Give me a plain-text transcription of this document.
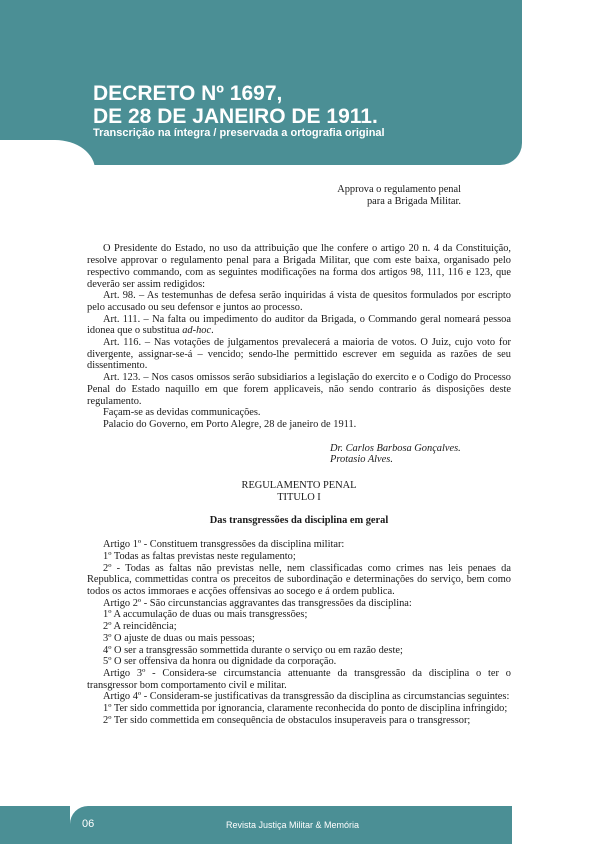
DECRETO Nº 1697,
DE 28 DE JANEIRO DE 1911.

Transcrição na íntegra / preservada a ortografia original

Approva o regulamento penal
para a Brigada Militar.

O Presidente do Estado, no uso da attribuição que lhe confere o artigo 20 n. 4 da Constituição, resolve approvar o regulamento penal para a Brigada Militar, que com este baixa, organisado pelo respectivo commando, com as seguintes modificações na forma dos artigos 98, 111, 116 e 123, que deverão ser assim redigidos:

Art. 98. – As testemunhas de defesa serão inquiridas á vista de quesitos formulados por escripto pelo accusado ou seu defensor e juntos ao processo.

Art. 111. – Na falta ou impedimento do auditor da Brigada, o Commando geral nomeará pessoa idonea que o substitua ad-hoc.

Art. 116. – Nas votações de julgamentos prevalecerá a maioria de votos. O Juiz, cujo voto for divergente, assignar-se-á – vencido; sendo-lhe permittido escrever em seguida as razões de seu dissentimento.

Art. 123. – Nos casos omissos serão subsidiarios a legislação do exercito e o Codigo do Processo Penal do Estado naquillo em que forem applicaveis, não sendo contrario ás disposições deste regulamento.

Façam-se as devidas communicações.

Palacio do Governo, em Porto Alegre, 28 de janeiro de 1911.

Dr. Carlos Barbosa Gonçalves.

Protasio Alves.

REGULAMENTO PENAL

TITULO I

Das transgressões da disciplina em geral

Artigo 1º - Constituem transgressões da disciplina militar:

1º Todas as faltas previstas neste regulamento;

2º - Todas as faltas não previstas nelle, nem classificadas como crimes nas leis penaes da Republica, commettidas contra os preceitos de subordinação e determinações do serviço, bem como todos os actos immoraes e acções offensivas ao socego e á ordem publica.

Artigo 2º - São circunstancias aggravantes das transgressões da disciplina:

1º A accumulação de duas ou mais transgressões;

2º A reincidência;

3º O ajuste de duas ou mais pessoas;

4º O ser a transgressão sommettida durante o serviço ou em razão deste;

5º O ser offensiva da honra ou dignidade da corporação.

Artigo 3º - Considera-se circumstancia attenuante da transgressão da disciplina o ter o transgressor bom comportamento civil e militar.

Artigo 4º - Consideram-se justificativas da transgressão da disciplina as circumstancias seguintes:

1º Ter sido commettida por ignorancia, claramente reconhecida do ponto de disciplina infringido;

2º Ter sido commettida em consequência de obstaculos insuperaveis para o transgressor;

06	Revista Justiça Militar & Memória
